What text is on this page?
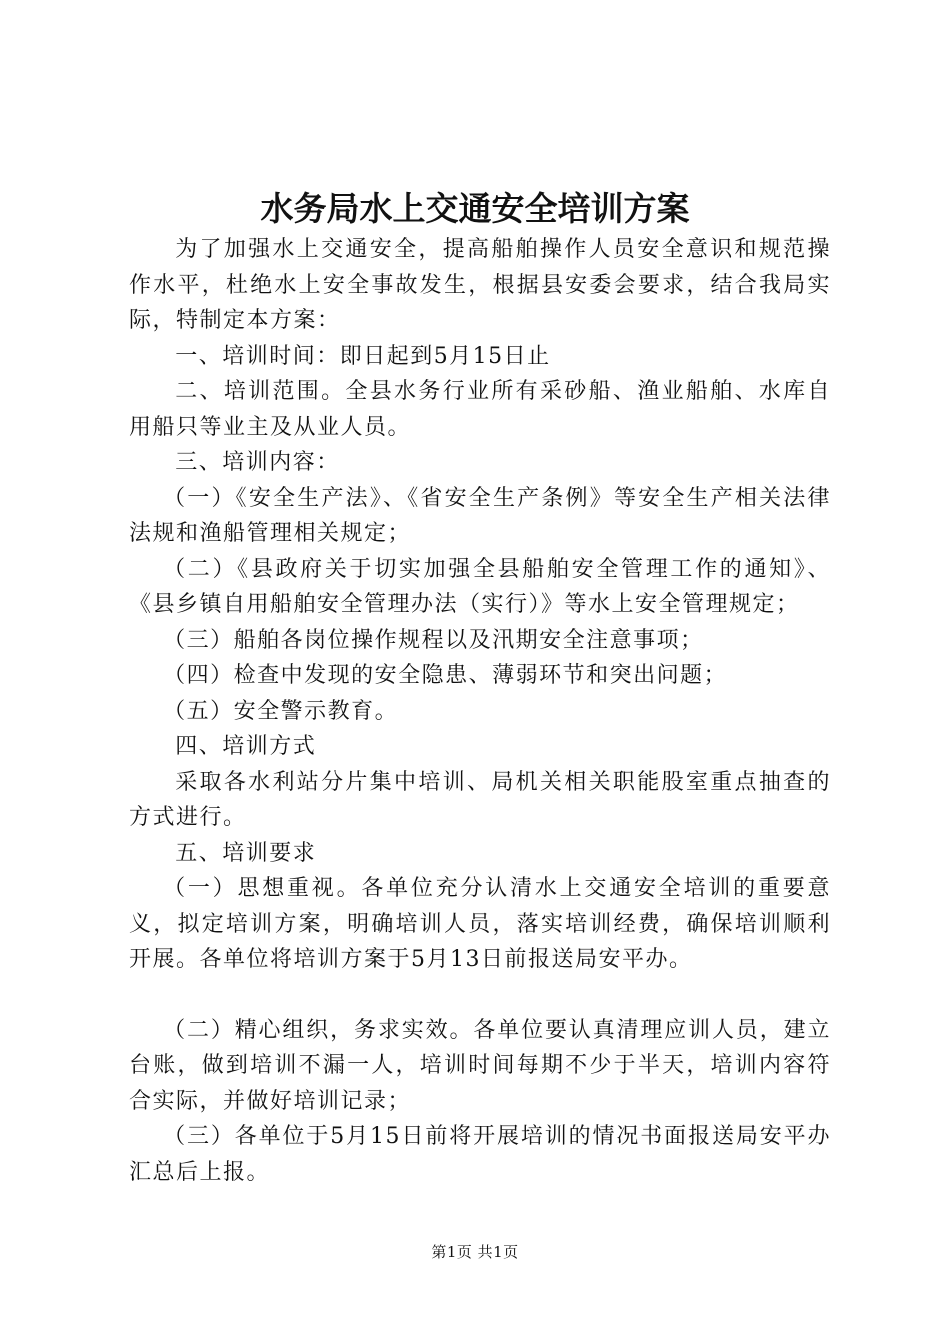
水务局水上交通安全培训方案

为了加强水上交通安全，提高船舶操作人员安全意识和规范操作水平，杜绝水上安全事故发生，根据县安委会要求，结合我局实际，特制定本方案：

一、培训时间：即日起到5月15日止

二、培训范围。全县水务行业所有采砂船、渔业船舶、水库自用船只等业主及从业人员。

三、培训内容：

（一）《安全生产法》、《省安全生产条例》等安全生产相关法律法规和渔船管理相关规定；

（二）《县政府关于切实加强全县船舶安全管理工作的通知》、《县乡镇自用船舶安全管理办法（实行）》等水上安全管理规定；

（三）船舶各岗位操作规程以及汛期安全注意事项；

（四）检查中发现的安全隐患、薄弱环节和突出问题；

（五）安全警示教育。

四、培训方式

采取各水利站分片集中培训、局机关相关职能股室重点抽查的方式进行。

五、培训要求

（一）思想重视。各单位充分认清水上交通安全培训的重要意义，拟定培训方案，明确培训人员，落实培训经费，确保培训顺利开展。各单位将培训方案于5月13日前报送局安平办。

（二）精心组织，务求实效。各单位要认真清理应训人员，建立台账，做到培训不漏一人，培训时间每期不少于半天，培训内容符合实际，并做好培训记录；

（三）各单位于5月15日前将开展培训的情况书面报送局安平办汇总后上报。

第1页 共1页
